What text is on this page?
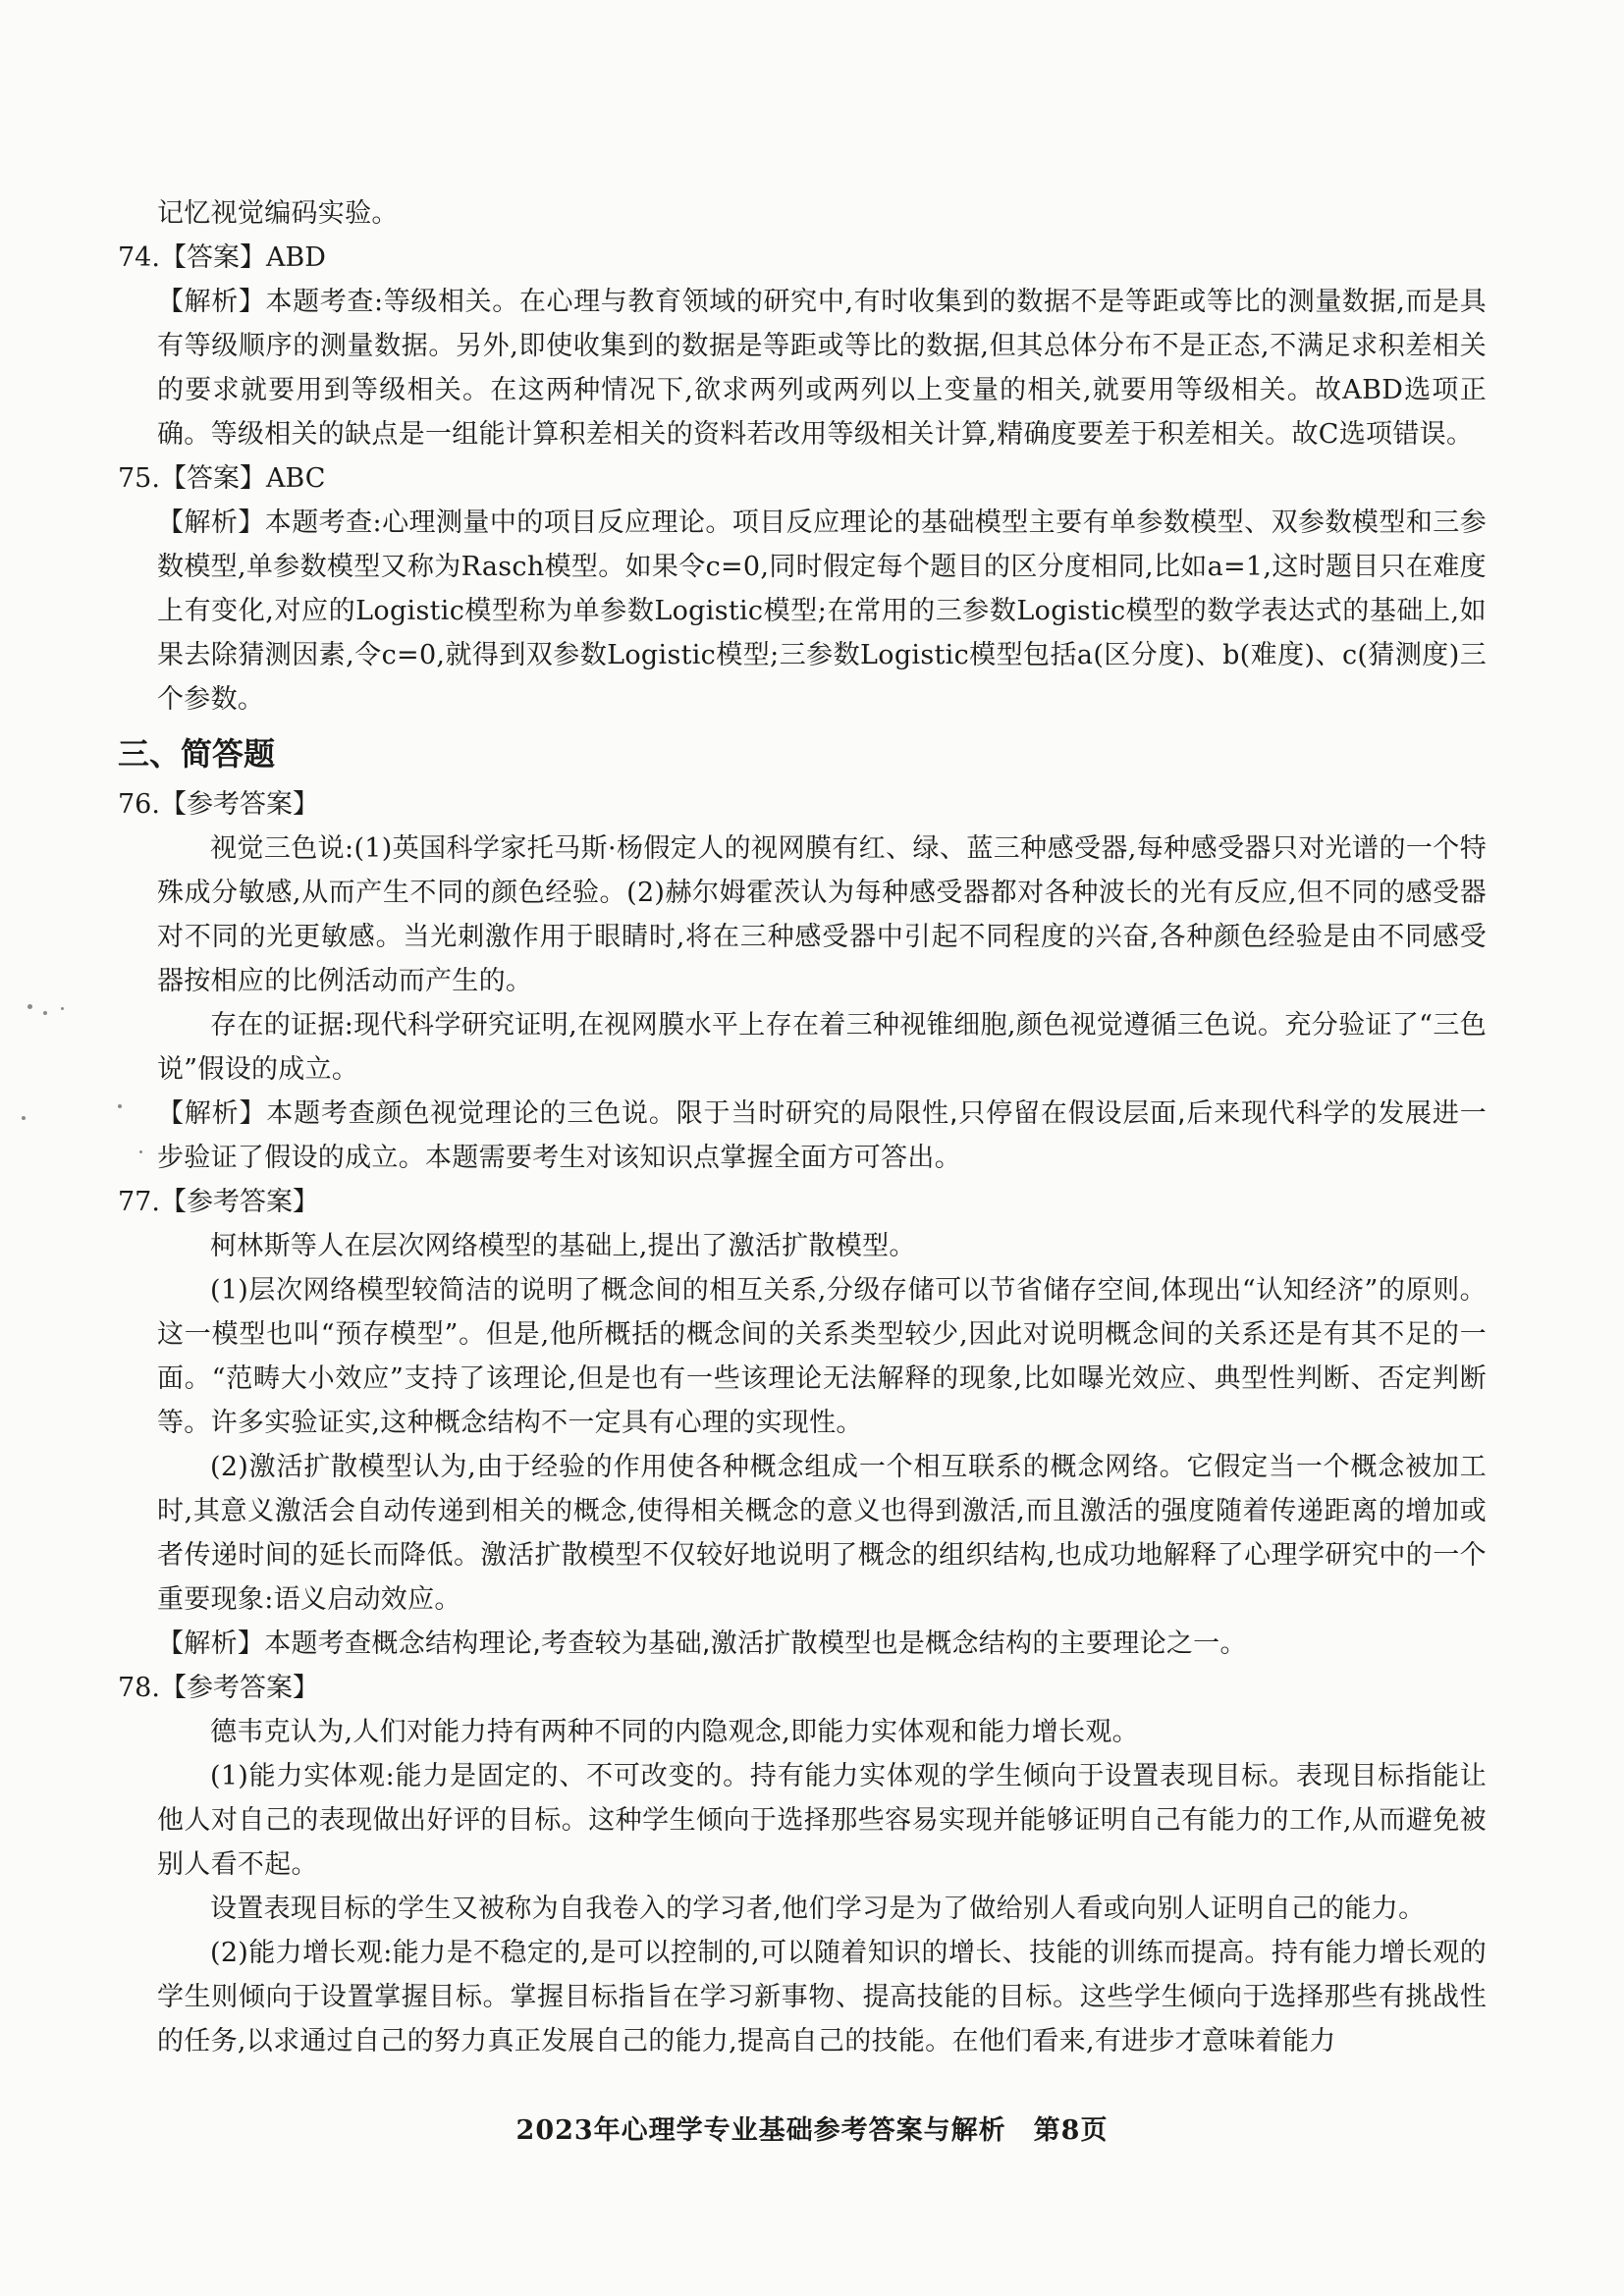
记忆视觉编码实验。

74.【答案】ABD

【解析】本题考查:等级相关。在心理与教育领域的研究中,有时收集到的数据不是等距或等比的测量数据,而是具有等级顺序的测量数据。另外,即使收集到的数据是等距或等比的数据,但其总体分布不是正态,不满足求积差相关的要求就要用到等级相关。在这两种情况下,欲求两列或两列以上变量的相关,就要用等级相关。故ABD选项正确。等级相关的缺点是一组能计算积差相关的资料若改用等级相关计算,精确度要差于积差相关。故C选项错误。

75.【答案】ABC

【解析】本题考查:心理测量中的项目反应理论。项目反应理论的基础模型主要有单参数模型、双参数模型和三参数模型,单参数模型又称为Rasch模型。如果令c=0,同时假定每个题目的区分度相同,比如a=1,这时题目只在难度上有变化,对应的Logistic模型称为单参数Logistic模型;在常用的三参数Logistic模型的数学表达式的基础上,如果去除猜测因素,令c=0,就得到双参数Logistic模型;三参数Logistic模型包括a(区分度)、b(难度)、c(猜测度)三个参数。

三、简答题

76.【参考答案】

视觉三色说:(1)英国科学家托马斯·杨假定人的视网膜有红、绿、蓝三种感受器,每种感受器只对光谱的一个特殊成分敏感,从而产生不同的颜色经验。(2)赫尔姆霍茨认为每种感受器都对各种波长的光有反应,但不同的感受器对不同的光更敏感。当光刺激作用于眼睛时,将在三种感受器中引起不同程度的兴奋,各种颜色经验是由不同感受器按相应的比例活动而产生的。

存在的证据:现代科学研究证明,在视网膜水平上存在着三种视锥细胞,颜色视觉遵循三色说。充分验证了“三色说”假设的成立。

【解析】本题考查颜色视觉理论的三色说。限于当时研究的局限性,只停留在假设层面,后来现代科学的发展进一步验证了假设的成立。本题需要考生对该知识点掌握全面方可答出。

77.【参考答案】

柯林斯等人在层次网络模型的基础上,提出了激活扩散模型。

(1)层次网络模型较简洁的说明了概念间的相互关系,分级存储可以节省储存空间,体现出“认知经济”的原则。这一模型也叫“预存模型”。但是,他所概括的概念间的关系类型较少,因此对说明概念间的关系还是有其不足的一面。“范畴大小效应”支持了该理论,但是也有一些该理论无法解释的现象,比如曝光效应、典型性判断、否定判断等。许多实验证实,这种概念结构不一定具有心理的实现性。

(2)激活扩散模型认为,由于经验的作用使各种概念组成一个相互联系的概念网络。它假定当一个概念被加工时,其意义激活会自动传递到相关的概念,使得相关概念的意义也得到激活,而且激活的强度随着传递距离的增加或者传递时间的延长而降低。激活扩散模型不仅较好地说明了概念的组织结构,也成功地解释了心理学研究中的一个重要现象:语义启动效应。

【解析】本题考查概念结构理论,考查较为基础,激活扩散模型也是概念结构的主要理论之一。

78.【参考答案】

德韦克认为,人们对能力持有两种不同的内隐观念,即能力实体观和能力增长观。

(1)能力实体观:能力是固定的、不可改变的。持有能力实体观的学生倾向于设置表现目标。表现目标指能让他人对自己的表现做出好评的目标。这种学生倾向于选择那些容易实现并能够证明自己有能力的工作,从而避免被别人看不起。

设置表现目标的学生又被称为自我卷入的学习者,他们学习是为了做给别人看或向别人证明自己的能力。

(2)能力增长观:能力是不稳定的,是可以控制的,可以随着知识的增长、技能的训练而提高。持有能力增长观的学生则倾向于设置掌握目标。掌握目标指旨在学习新事物、提高技能的目标。这些学生倾向于选择那些有挑战性的任务,以求通过自己的努力真正发展自己的能力,提高自己的技能。在他们看来,有进步才意味着能力

2023年心理学专业基础参考答案与解析　第8页
